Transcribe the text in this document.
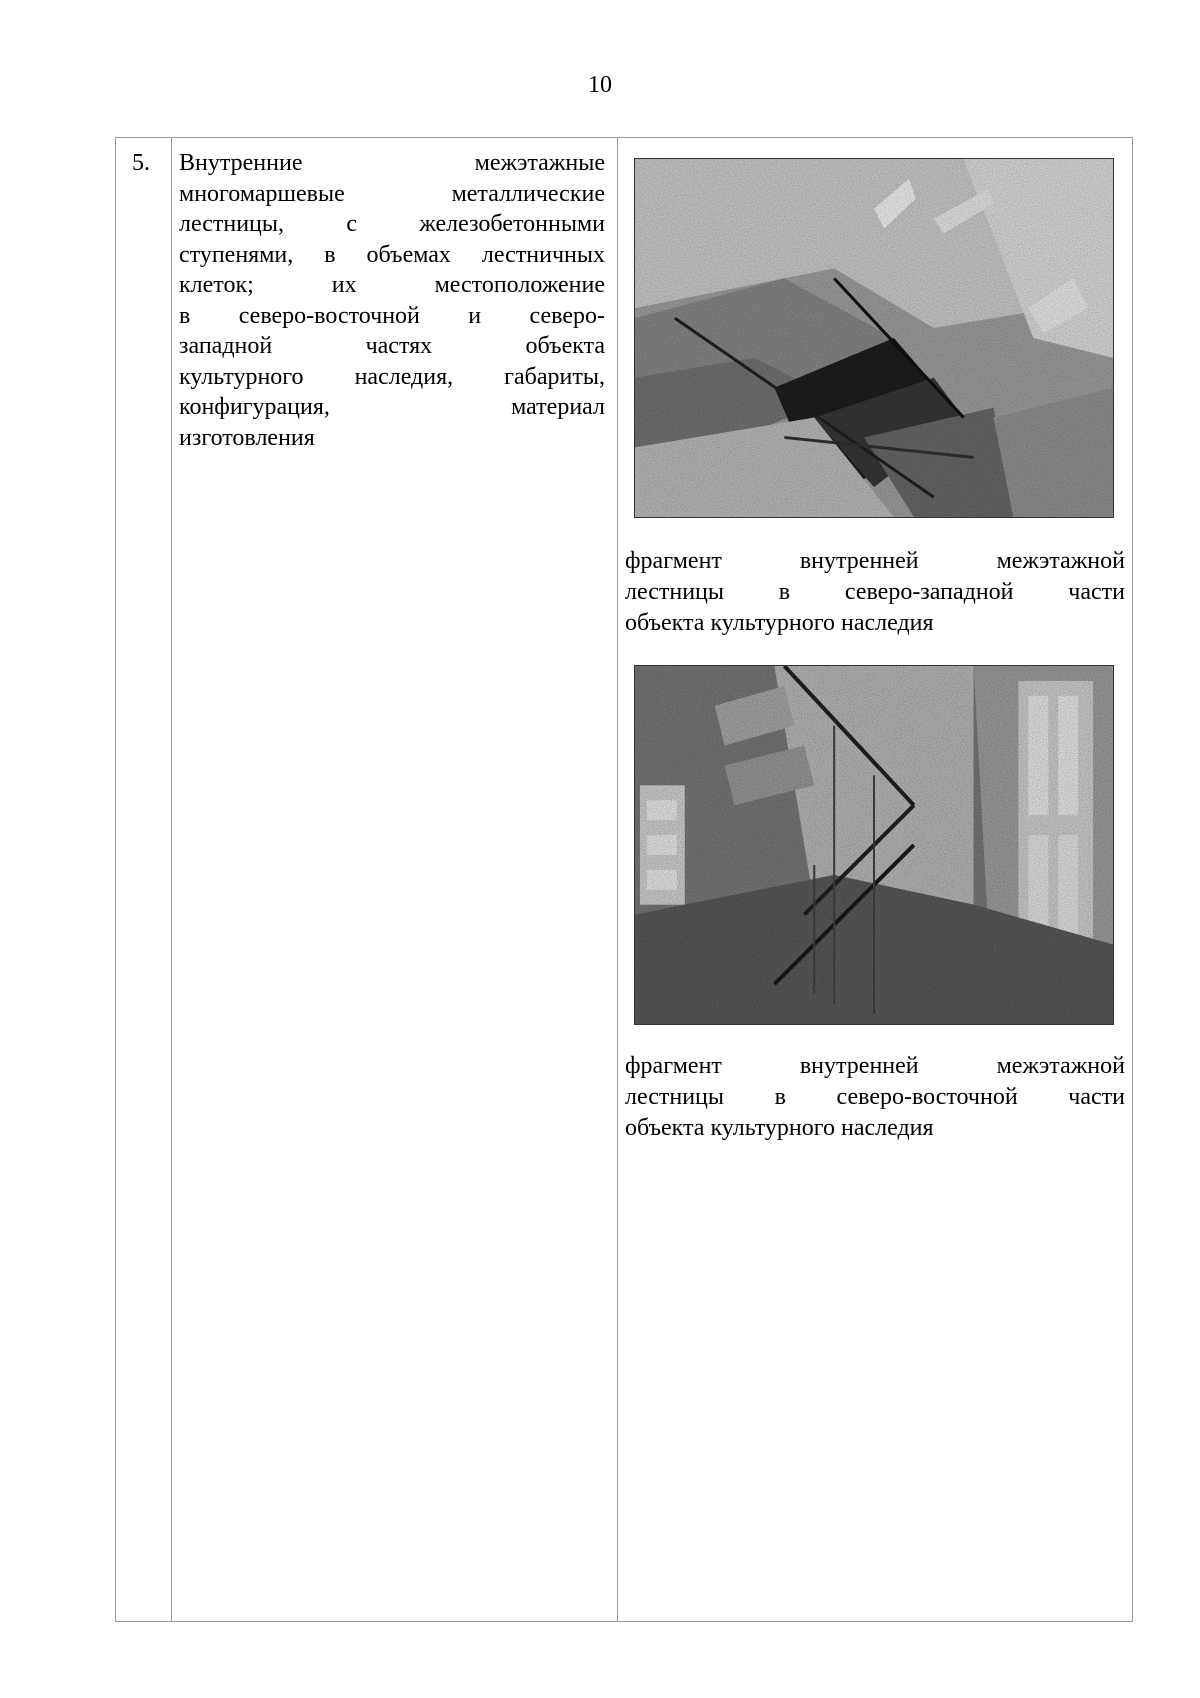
10
5. Внутренние межэтажные
многомаршевые металлические
лестницы, с железобетонными
ступенями, в объемах лестничных
клеток; их местоположение
в северо-восточной и северо-
западной частях объекта
культурного наследия, габариты,
конфигурация, материал
изготовления
фрагмент внутренней межэтажной
лестницы в северо-западной части
объекта культурного наследия
фрагмент внутренней межэтажной
лестницы в северо-восточной части
объекта культурного наследия
